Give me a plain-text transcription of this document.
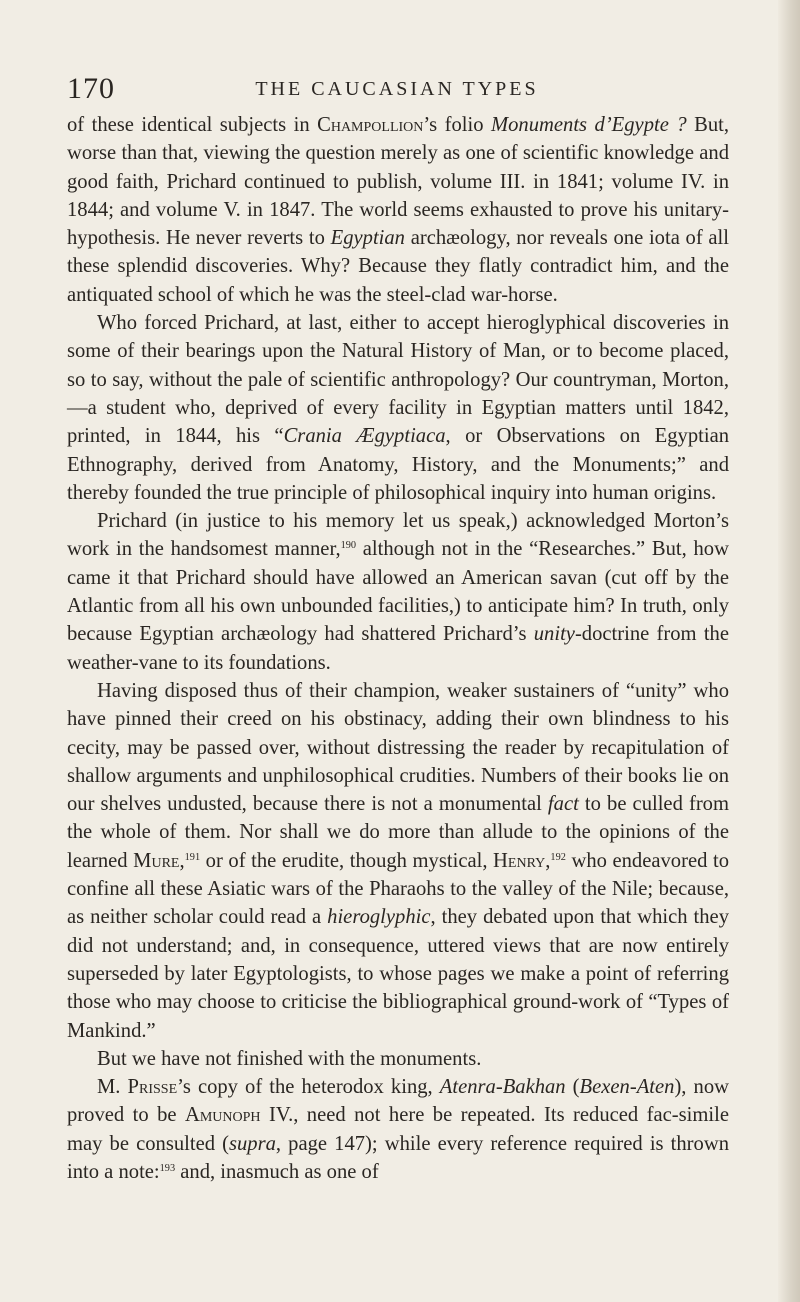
170	THE CAUCASIAN TYPES

of these identical subjects in Champollion’s folio Monuments d’Egypte ? But, worse than that, viewing the question merely as one of scientific knowledge and good faith, Prichard continued to publish, volume III. in 1841; volume IV. in 1844; and volume V. in 1847. The world seems exhausted to prove his unitary-hypothesis. He never reverts to Egyptian archæology, nor reveals one iota of all these splendid discoveries. Why? Because they flatly contradict him, and the antiquated school of which he was the steel-clad war-horse.

Who forced Prichard, at last, either to accept hieroglyphical discoveries in some of their bearings upon the Natural History of Man, or to become placed, so to say, without the pale of scientific anthropology? Our countryman, Morton,—a student who, deprived of every facility in Egyptian matters until 1842, printed, in 1844, his “Crania Ægyptiaca, or Observations on Egyptian Ethnography, derived from Anatomy, History, and the Monuments;” and thereby founded the true principle of philosophical inquiry into human origins.

Prichard (in justice to his memory let us speak,) acknowledged Morton’s work in the handsomest manner,$^{190}$ although not in the “Researches.” But, how came it that Prichard should have allowed an American savan (cut off by the Atlantic from all his own unbounded facilities,) to anticipate him? In truth, only because Egyptian archæology had shattered Prichard’s unity-doctrine from the weather-vane to its foundations.

Having disposed thus of their champion, weaker sustainers of “unity” who have pinned their creed on his obstinacy, adding their own blindness to his cecity, may be passed over, without distressing the reader by recapitulation of shallow arguments and unphilosophical crudities. Numbers of their books lie on our shelves undusted, because there is not a monumental fact to be culled from the whole of them. Nor shall we do more than allude to the opinions of the learned Mure,$^{191}$ or of the erudite, though mystical, Henry,$^{192}$ who endeavored to confine all these Asiatic wars of the Pharaohs to the valley of the Nile; because, as neither scholar could read a hieroglyphic, they debated upon that which they did not understand; and, in consequence, uttered views that are now entirely superseded by later Egyptologists, to whose pages we make a point of referring those who may choose to criticise the bibliographical ground-work of “Types of Mankind.”

But we have not finished with the monuments.

M. Prisse’s copy of the heterodox king, Atenra-Bakhan (Bexen-Aten), now proved to be Amunoph IV., need not here be repeated. Its reduced fac-simile may be consulted (supra, page 147); while every reference required is thrown into a note:$^{193}$ and, inasmuch as one of
